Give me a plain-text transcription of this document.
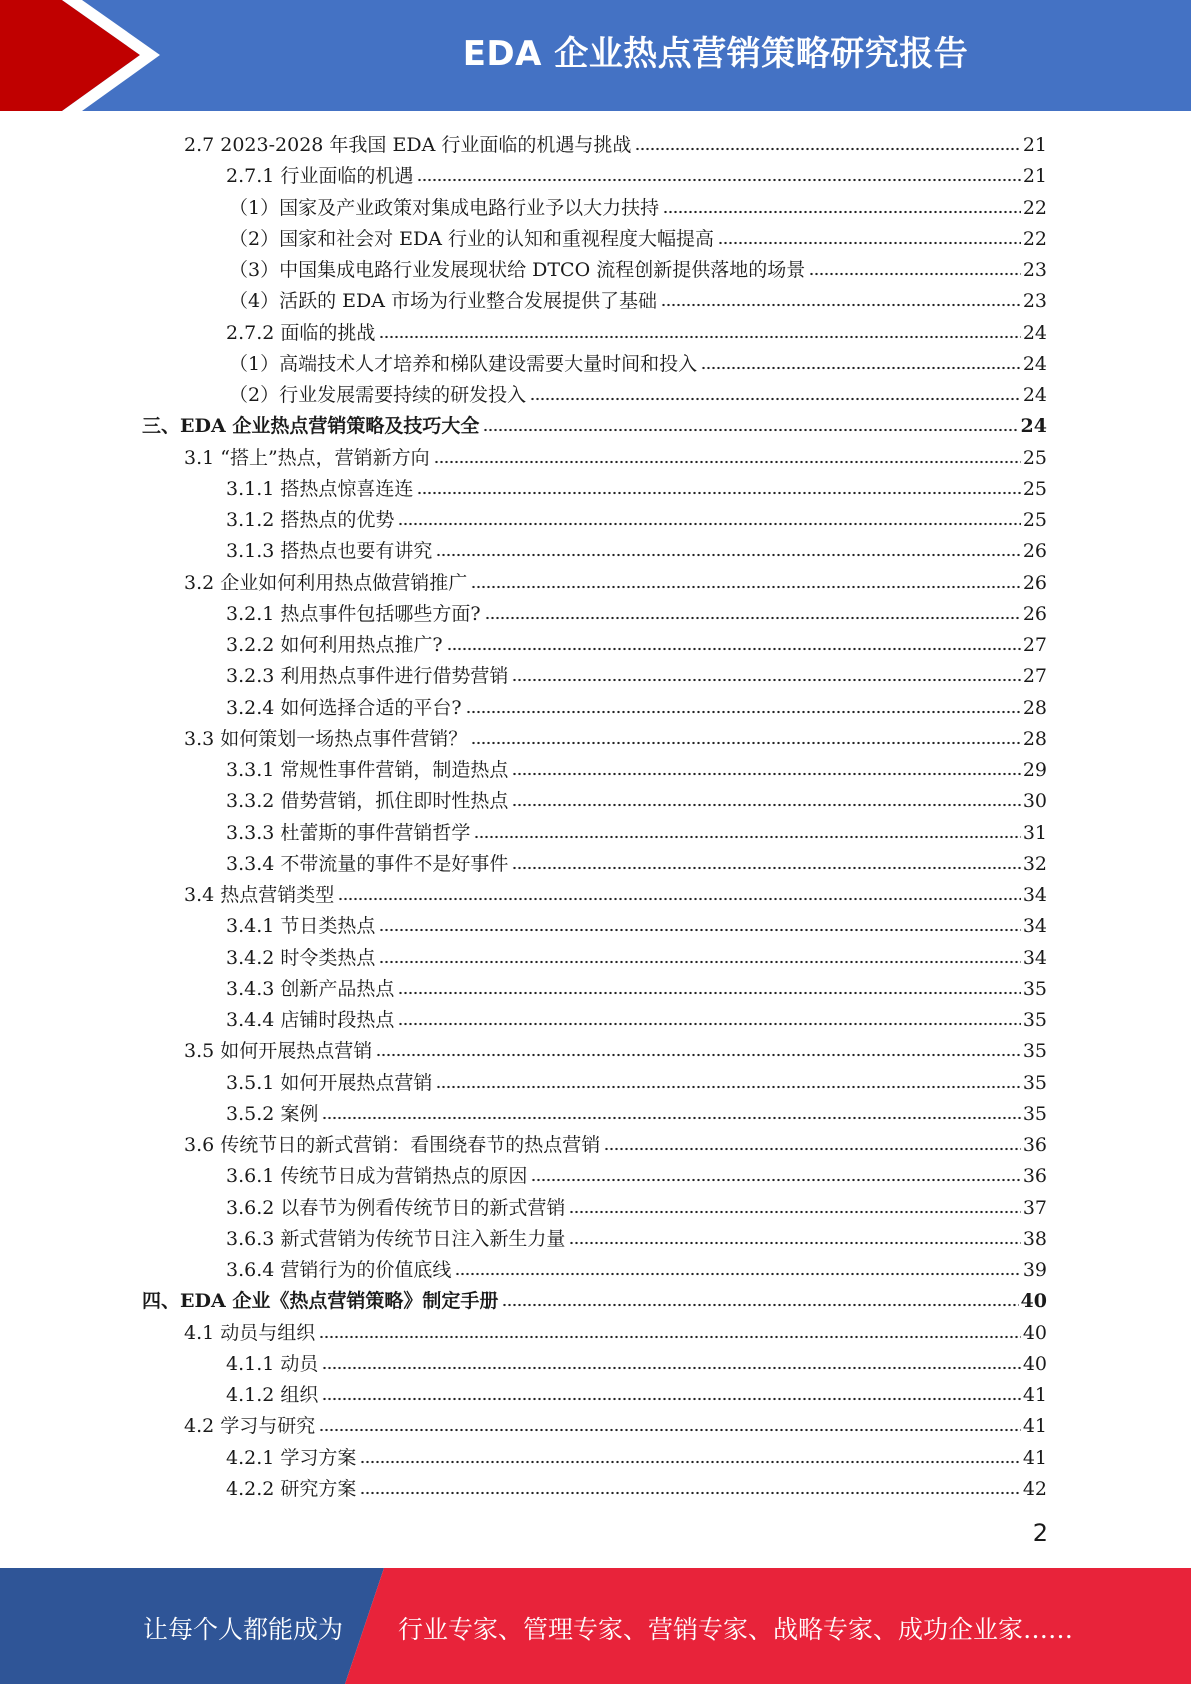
EDA 企业热点营销策略研究报告
2.7 2023-2028 年我国 EDA 行业面临的机遇与挑战	21
2.7.1 行业面临的机遇	21
（1）国家及产业政策对集成电路行业予以大力扶持	22
（2）国家和社会对 EDA 行业的认知和重视程度大幅提高	22
（3）中国集成电路行业发展现状给 DTCO 流程创新提供落地的场景	23
（4）活跃的 EDA 市场为行业整合发展提供了基础	23
2.7.2 面临的挑战	24
（1）高端技术人才培养和梯队建设需要大量时间和投入	24
（2）行业发展需要持续的研发投入	24
三、EDA 企业热点营销策略及技巧大全	24
3.1 “搭上”热点，营销新方向	25
3.1.1 搭热点惊喜连连	25
3.1.2 搭热点的优势	25
3.1.3 搭热点也要有讲究	26
3.2 企业如何利用热点做营销推广	26
3.2.1 热点事件包括哪些方面?	26
3.2.2 如何利用热点推广?	27
3.2.3 利用热点事件进行借势营销	27
3.2.4 如何选择合适的平台?	28
3.3 如何策划一场热点事件营销？	28
3.3.1 常规性事件营销，制造热点	29
3.3.2 借势营销，抓住即时性热点	30
3.3.3 杜蕾斯的事件营销哲学	31
3.3.4 不带流量的事件不是好事件	32
3.4 热点营销类型	34
3.4.1 节日类热点	34
3.4.2 时令类热点	34
3.4.3 创新产品热点	35
3.4.4 店铺时段热点	35
3.5 如何开展热点营销	35
3.5.1 如何开展热点营销	35
3.5.2 案例	35
3.6 传统节日的新式营销：看围绕春节的热点营销	36
3.6.1 传统节日成为营销热点的原因	36
3.6.2 以春节为例看传统节日的新式营销	37
3.6.3 新式营销为传统节日注入新生力量	38
3.6.4 营销行为的价值底线	39
四、EDA 企业《热点营销策略》制定手册	40
4.1 动员与组织	40
4.1.1 动员	40
4.1.2 组织	41
4.2 学习与研究	41
4.2.1 学习方案	41
4.2.2 研究方案	42
2
让每个人都能成为 行业专家、管理专家、营销专家、战略专家、成功企业家……
